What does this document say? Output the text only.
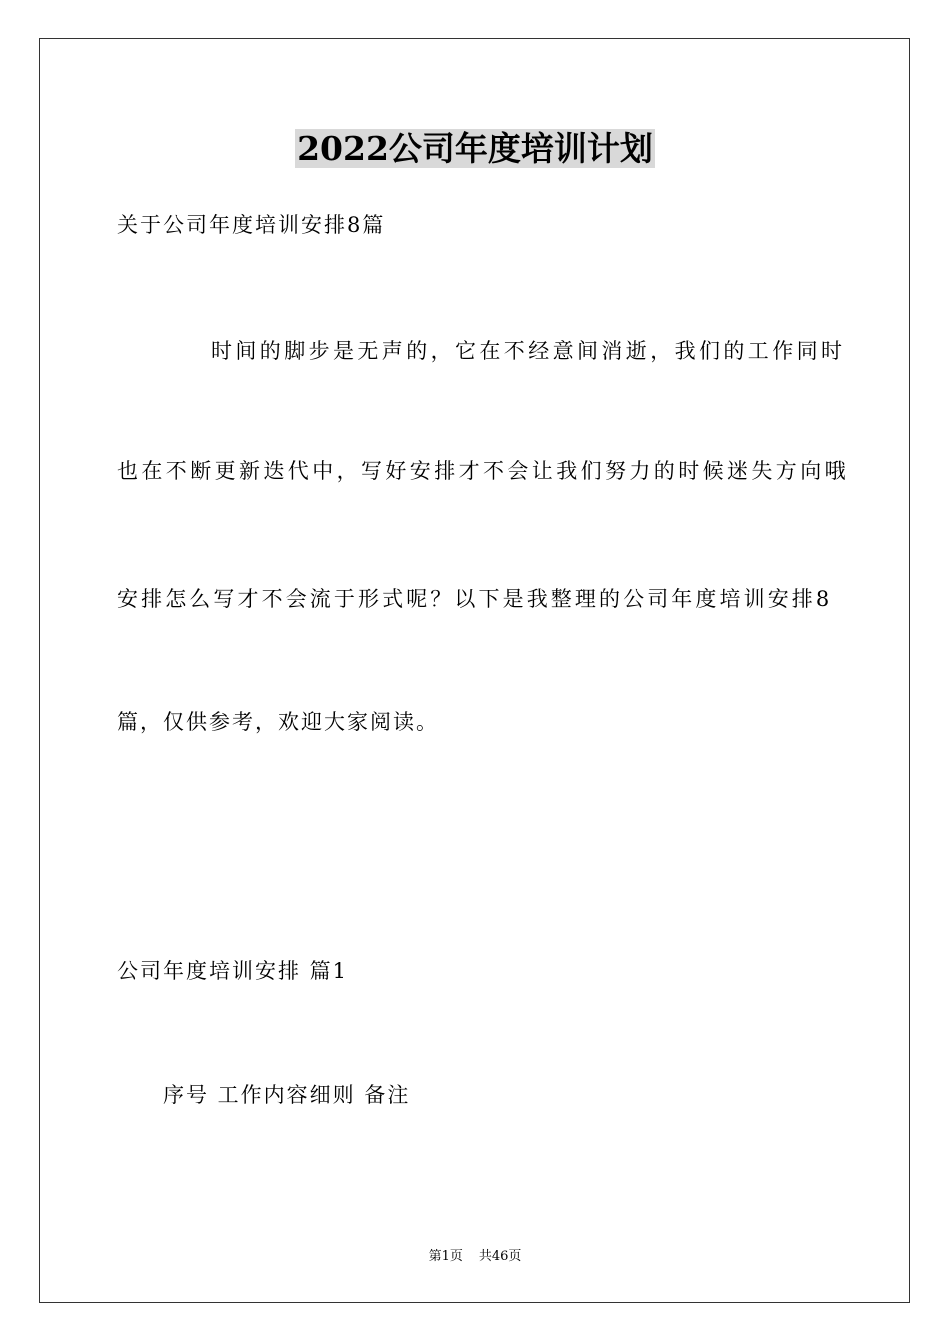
2022公司年度培训计划
关于公司年度培训安排8篇
时间的脚步是无声的，它在不经意间消逝，我们的工作同时
也在不断更新迭代中，写好安排才不会让我们努力的时候迷失方向哦
安排怎么写才不会流于形式呢？以下是我整理的公司年度培训安排8
篇，仅供参考，欢迎大家阅读。
公司年度培训安排 篇1
序号 工作内容细则 备注
第1页 共46页
